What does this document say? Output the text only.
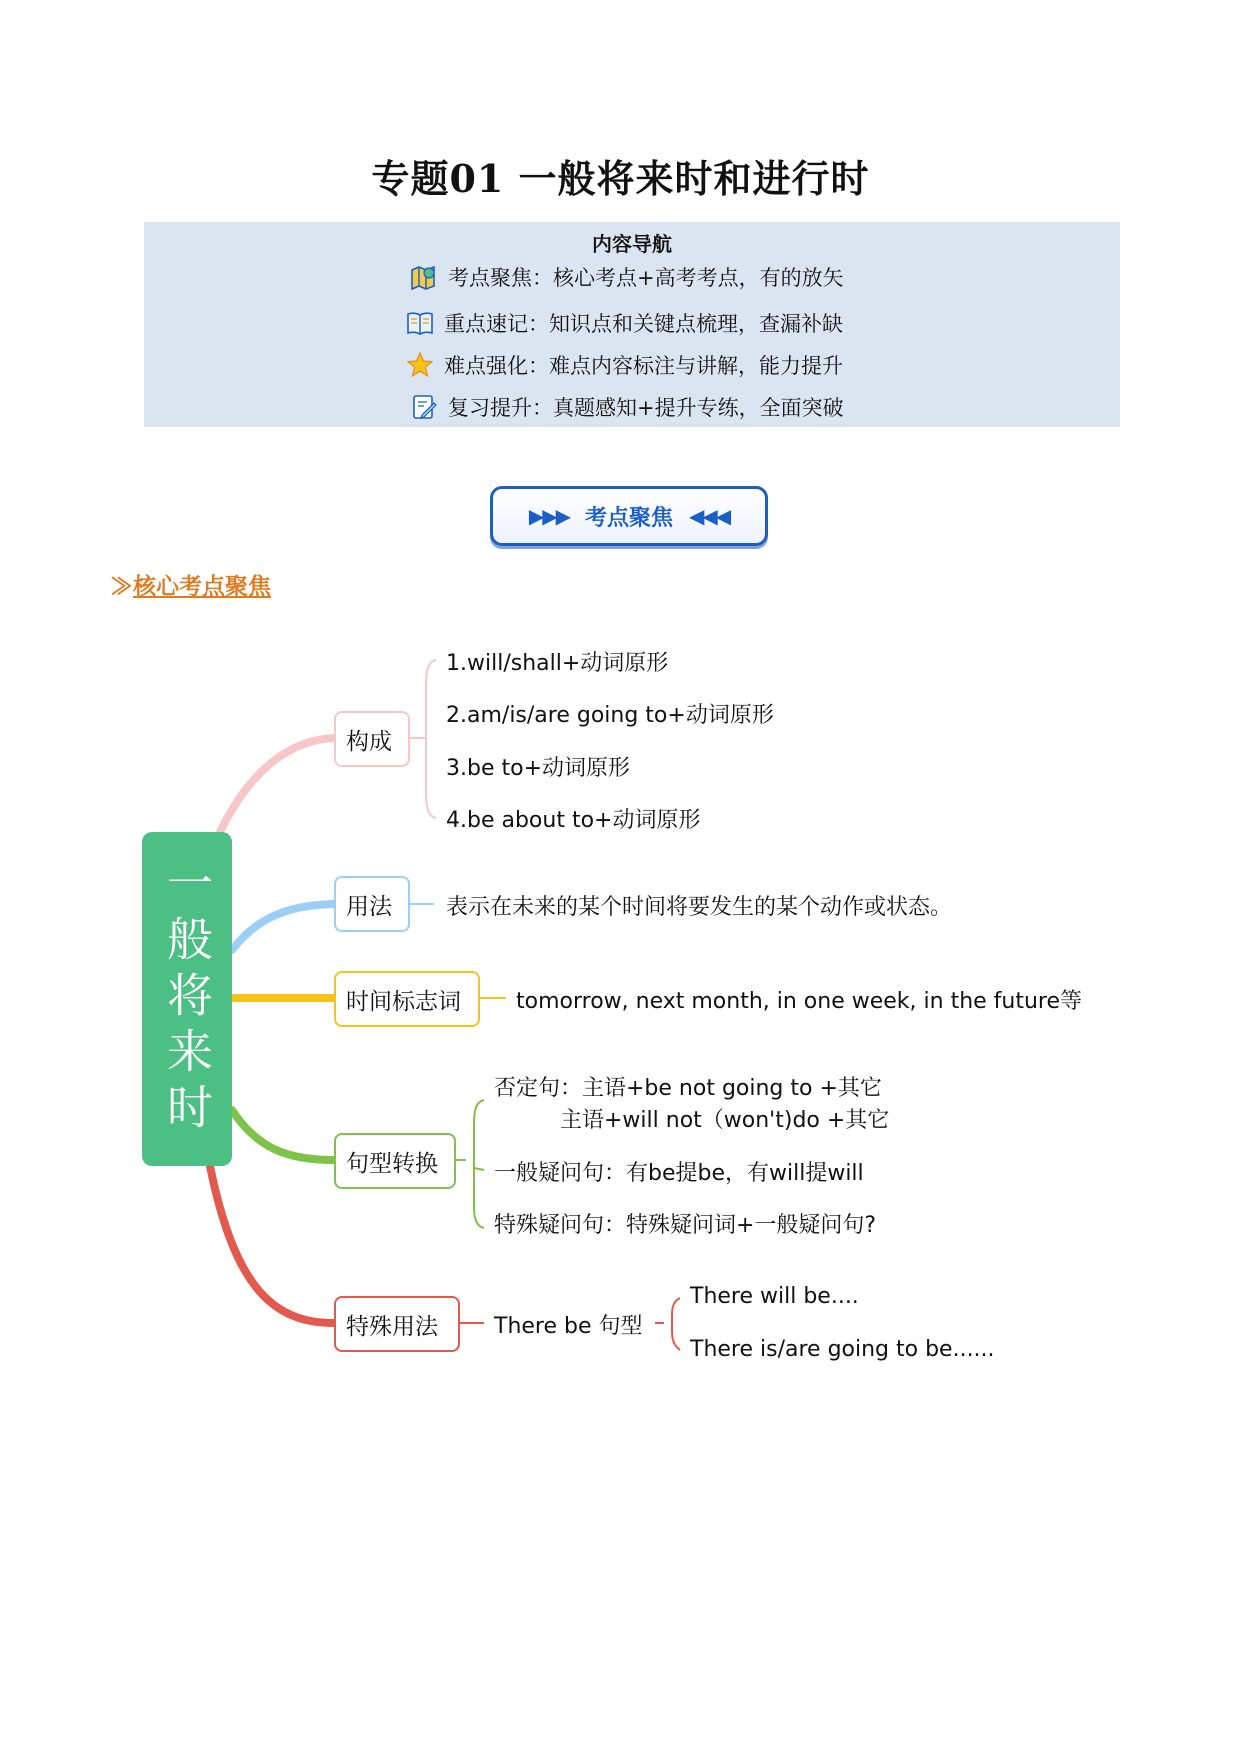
专题01 一般将来时和进行时
内容导航
考点聚焦：核心考点+高考考点，有的放矢
重点速记：知识点和关键点梳理，查漏补缺
难点强化：难点内容标注与讲解，能力提升
复习提升：真题感知+提升专练，全面突破
▶▶▶ 考点聚焦 ◀◀◀
≫核心考点聚焦
一般将来时
构成
用法
时间标志词
句型转换
特殊用法
1.will/shall+动词原形
2.am/is/are going to+动词原形
3.be to+动词原形
4.be about to+动词原形
表示在未来的某个时间将要发生的某个动作或状态。
tomorrow, next month, in one week, in the future等
否定句：主语+be not going to +其它
主语+will not（won't)do +其它
一般疑问句：有be提be，有will提will
特殊疑问句：特殊疑问词+一般疑问句?
There be 句型
There will be....
There is/are going to be......
